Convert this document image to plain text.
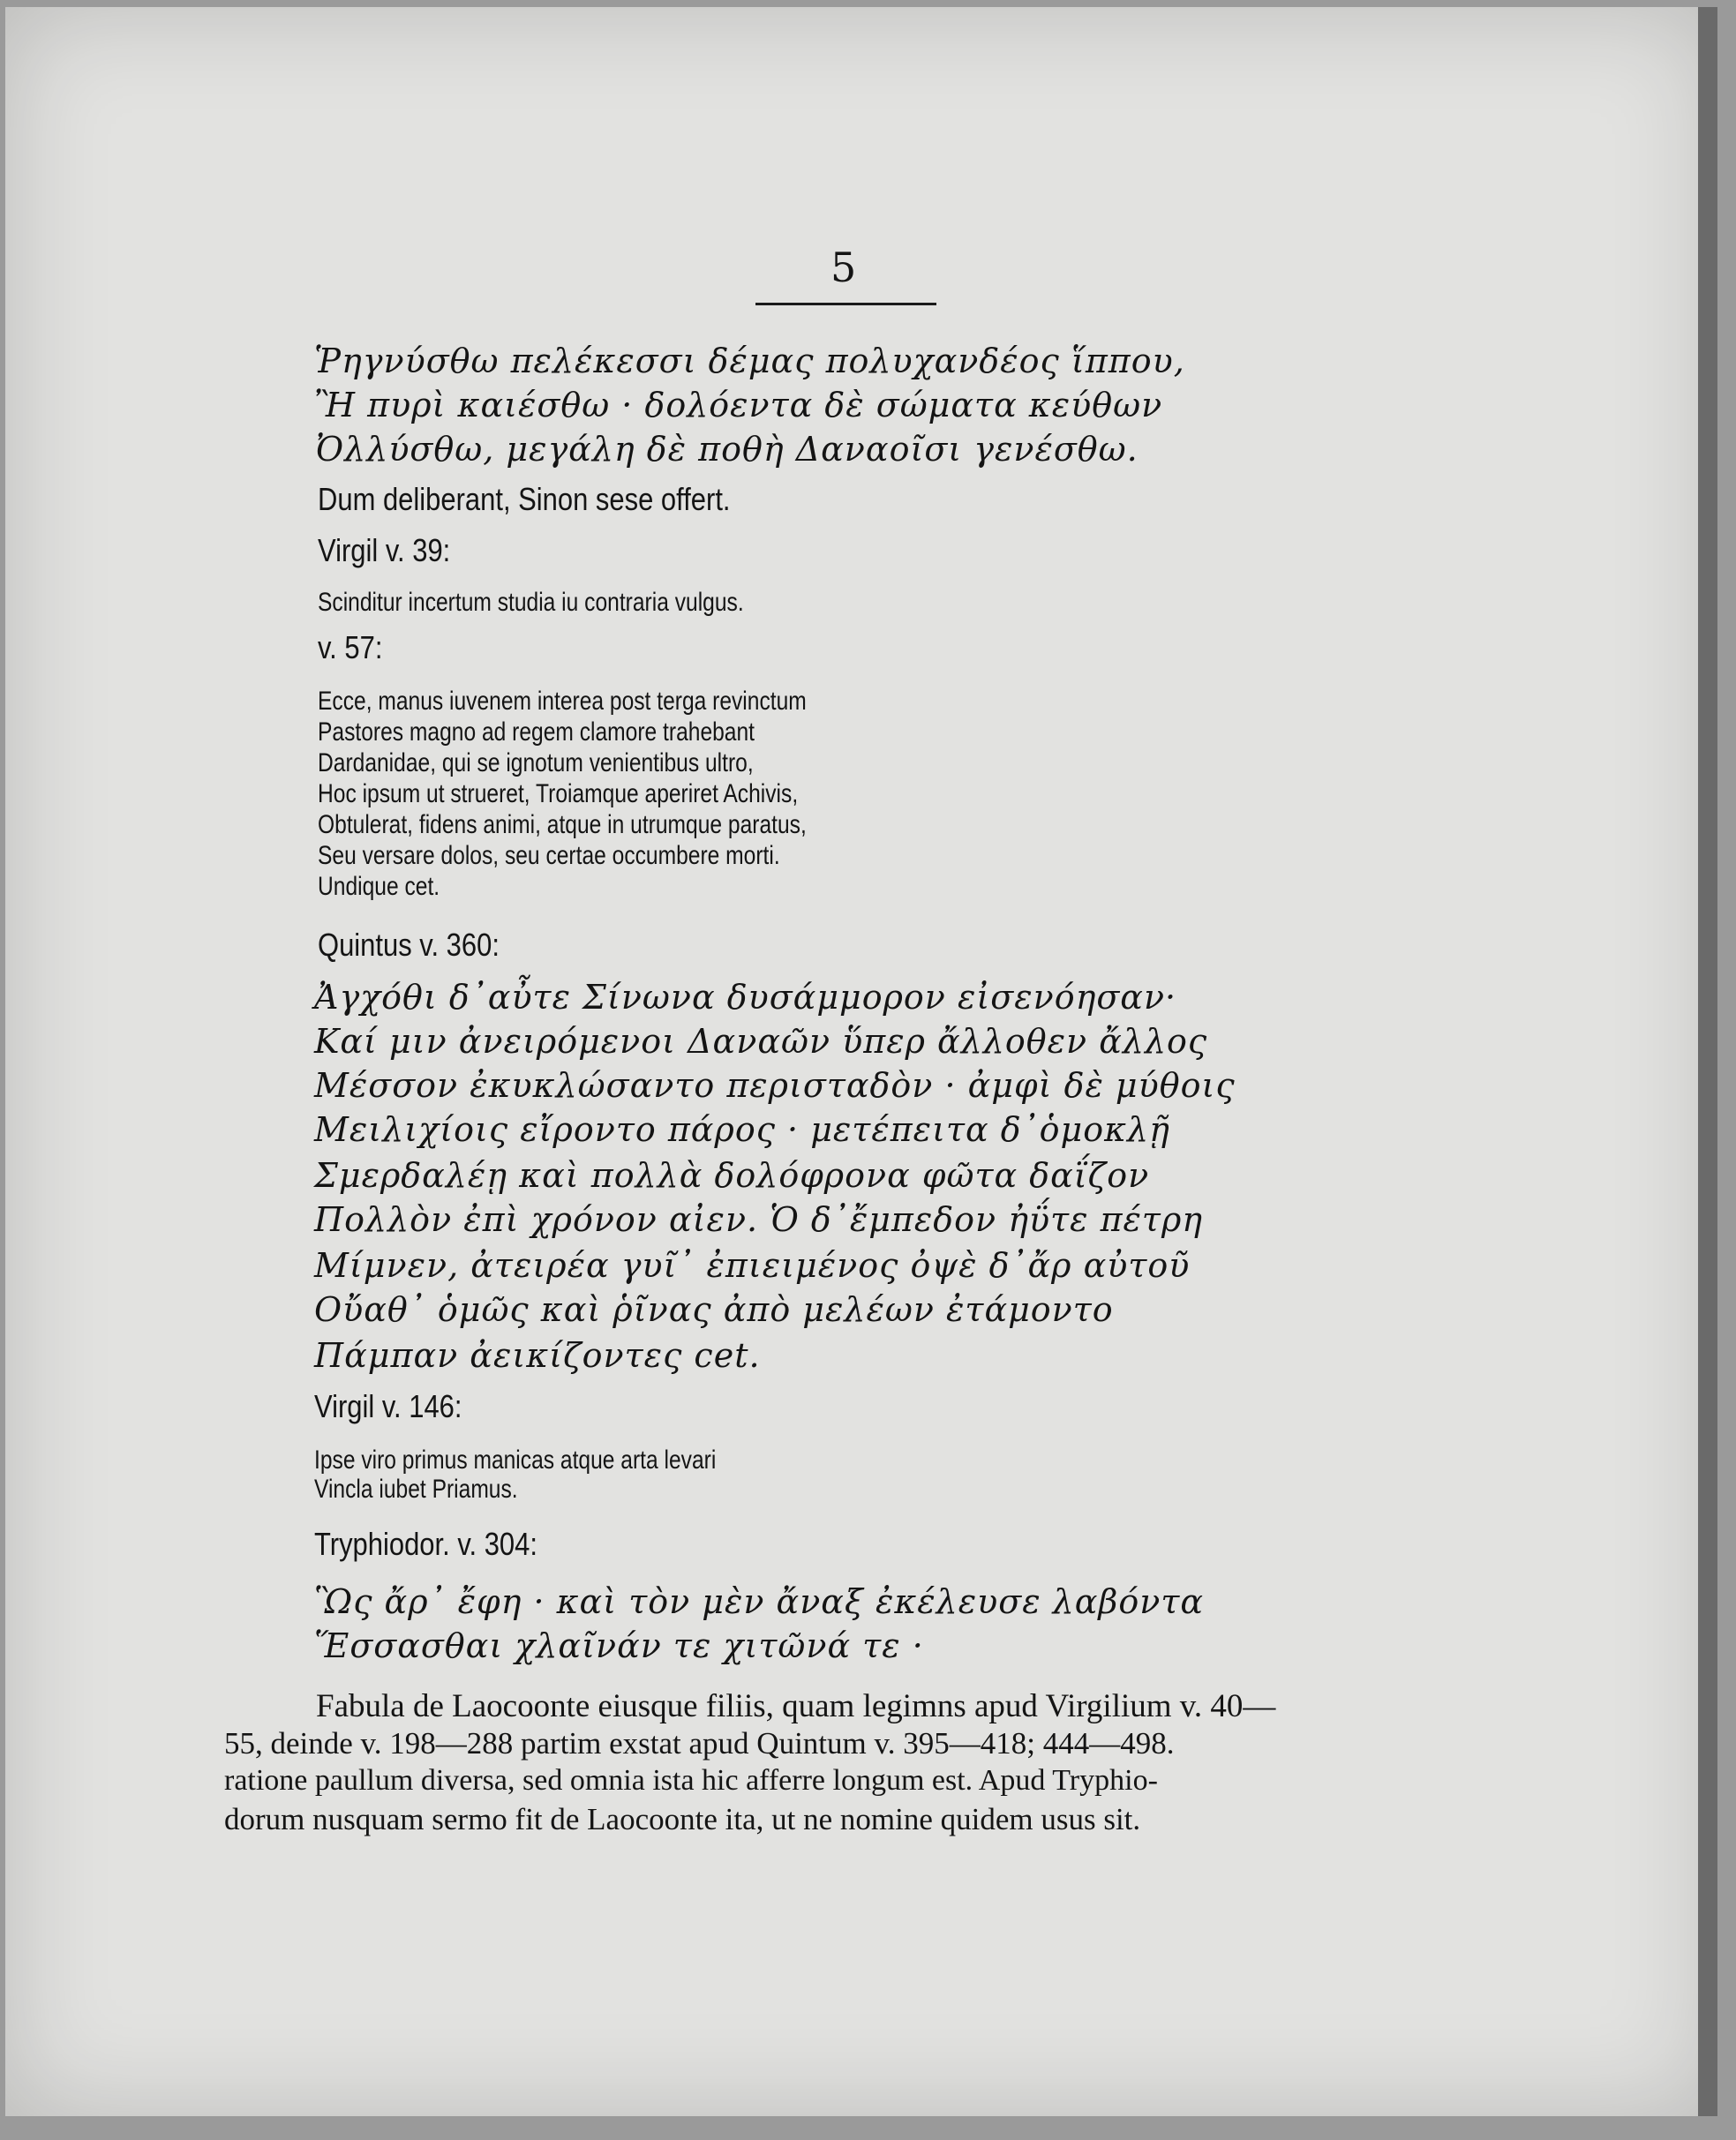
5
Ῥηγνύσθω πελέκεσσι δέμας πολυχανδέος ἵππου,
Ἢ πυρὶ καιέσθω · δολόεντα δὲ σώματα κεύθων
Ὀλλύσθω, μεγάλη δὲ ποθὴ Δαναοῖσι γενέσθω.
Dum deliberant, Sinon sese offert.
Virgil v. 39:
Scinditur incertum studia iu contraria vulgus.
v. 57:
Ecce, manus iuvenem interea post terga revinctum
Pastores magno ad regem clamore trahebant
Dardanidae, qui se ignotum venientibus ultro,
Hoc ipsum ut strueret, Troiamque aperiret Achivis,
Obtulerat, fidens animi, atque in utrumque paratus,
Seu versare dolos, seu certae occumbere morti.
Undique cet.
Quintus v. 360:
Ἀγχόθι δ᾽αὖτε Σίνωνα δυσάμμορον εἰσενόησαν·
Καί μιν ἀνειρόμενοι Δαναῶν ὕπερ ἄλλοθεν ἄλλος
Μέσσον ἐκυκλώσαντο περισταδὸν · ἀμφὶ δὲ μύθοις
Μειλιχίοις εἴροντο πάρος · μετέπειτα δ᾽ὁμοκλῇ
Σμερδαλέῃ καὶ πολλὰ δολόφρονα φῶτα δαΐζον
Πολλὸν ἐπὶ χρόνον αἰεν. Ὁ δ᾽ἔμπεδον ἠΰτε πέτρη
Μίμνεν, ἀτειρέα γυῖ᾽ ἐπιειμένος ὀψὲ δ᾽ἄρ αὐτοῦ
Οὔαθ᾽ ὁμῶς καὶ ῥῖνας ἀπὸ μελέων ἐτάμοντο
Πάμπαν ἀεικίζοντες cet.
Virgil v. 146:
Ipse viro primus manicas atque arta levari
Vincla iubet Priamus.
Tryphiodor. v. 304:
Ὣς ἄρ᾽ ἔφη · καὶ τὸν μὲν ἄναξ ἐκέλευσε λαβόντα
Ἕσσασθαι χλαῖνάν τε χιτῶνά τε ·
Fabula de Laocoonte eiusque filiis, quam legimns apud Virgilium v. 40—
55, deinde v. 198—288 partim exstat apud Quintum v. 395—418; 444—498.
ratione paullum diversa, sed omnia ista hic afferre longum est. Apud Tryphio-
dorum nusquam sermo fit de Laocoonte ita, ut ne nomine quidem usus sit.
